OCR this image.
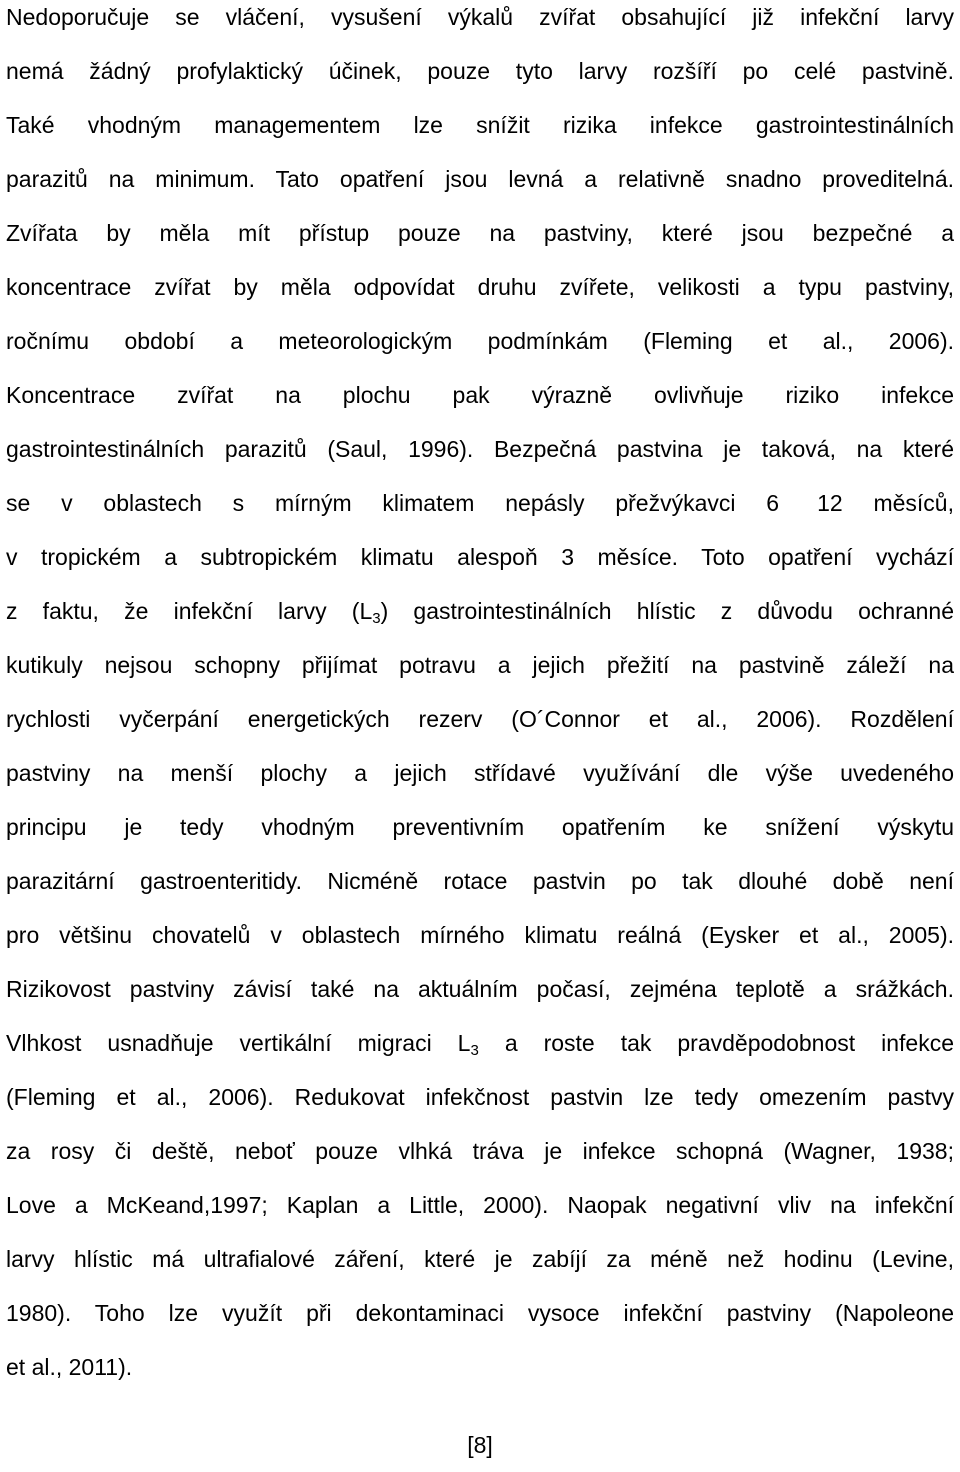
Nedoporučuje se vláčení, vysušení výkalů zvířat obsahující již infekční larvy
nemá žádný profylaktický účinek, pouze tyto larvy rozšíří po celé pastvině.
Také vhodným managementem lze snížit rizika infekce gastrointestinálních
parazitů na minimum. Tato opatření jsou levná a relativně snadno proveditelná.
Zvířata by měla mít přístup pouze na pastviny, které jsou bezpečné a
koncentrace zvířat by měla odpovídat druhu zvířete, velikosti a typu pastviny,
ročnímu období a meteorologickým podmínkám (Fleming et al., 2006).
Koncentrace zvířat na plochu pak výrazně ovlivňuje riziko infekce
gastrointestinálních parazitů (Saul, 1996). Bezpečná pastvina je taková, na které
se v oblastech s mírným klimatem nepásly přežvýkavci 6 12 měsíců,
v tropickém a subtropickém klimatu alespoň 3 měsíce. Toto opatření vychází
z faktu, že infekční larvy $(L_3)$ gastrointestinálních hlístic z důvodu ochranné
kutikuly nejsou schopny přijímat potravu a jejich přežití na pastvině záleží na
rychlosti vyčerpání energetických rezerv (O´Connor et al., 2006). Rozdělení
pastviny na menší plochy a jejich střídavé využívání dle výše uvedeného
principu je tedy vhodným preventivním opatřením ke snížení výskytu
parazitární gastroenteritidy. Nicméně rotace pastvin po tak dlouhé době není
pro většinu chovatelů v oblastech mírného klimatu reálná (Eysker et al., 2005).
Rizikovost pastviny závisí také na aktuálním počasí, zejména teplotě a srážkách.
Vlhkost usnadňuje vertikální migraci $L_3$ a roste tak pravděpodobnost infekce
(Fleming et al., 2006). Redukovat infekčnost pastvin lze tedy omezením pastvy
za rosy či deště, neboť pouze vlhká tráva je infekce schopná (Wagner, 1938;
Love a McKeand,1997; Kaplan a Little, 2000). Naopak negativní vliv na infekční
larvy hlístic má ultrafialové záření, které je zabíjí za méně než hodinu (Levine,
1980). Toho lze využít při dekontaminaci vysoce infekční pastviny (Napoleone
et al., 2011).
[8]
